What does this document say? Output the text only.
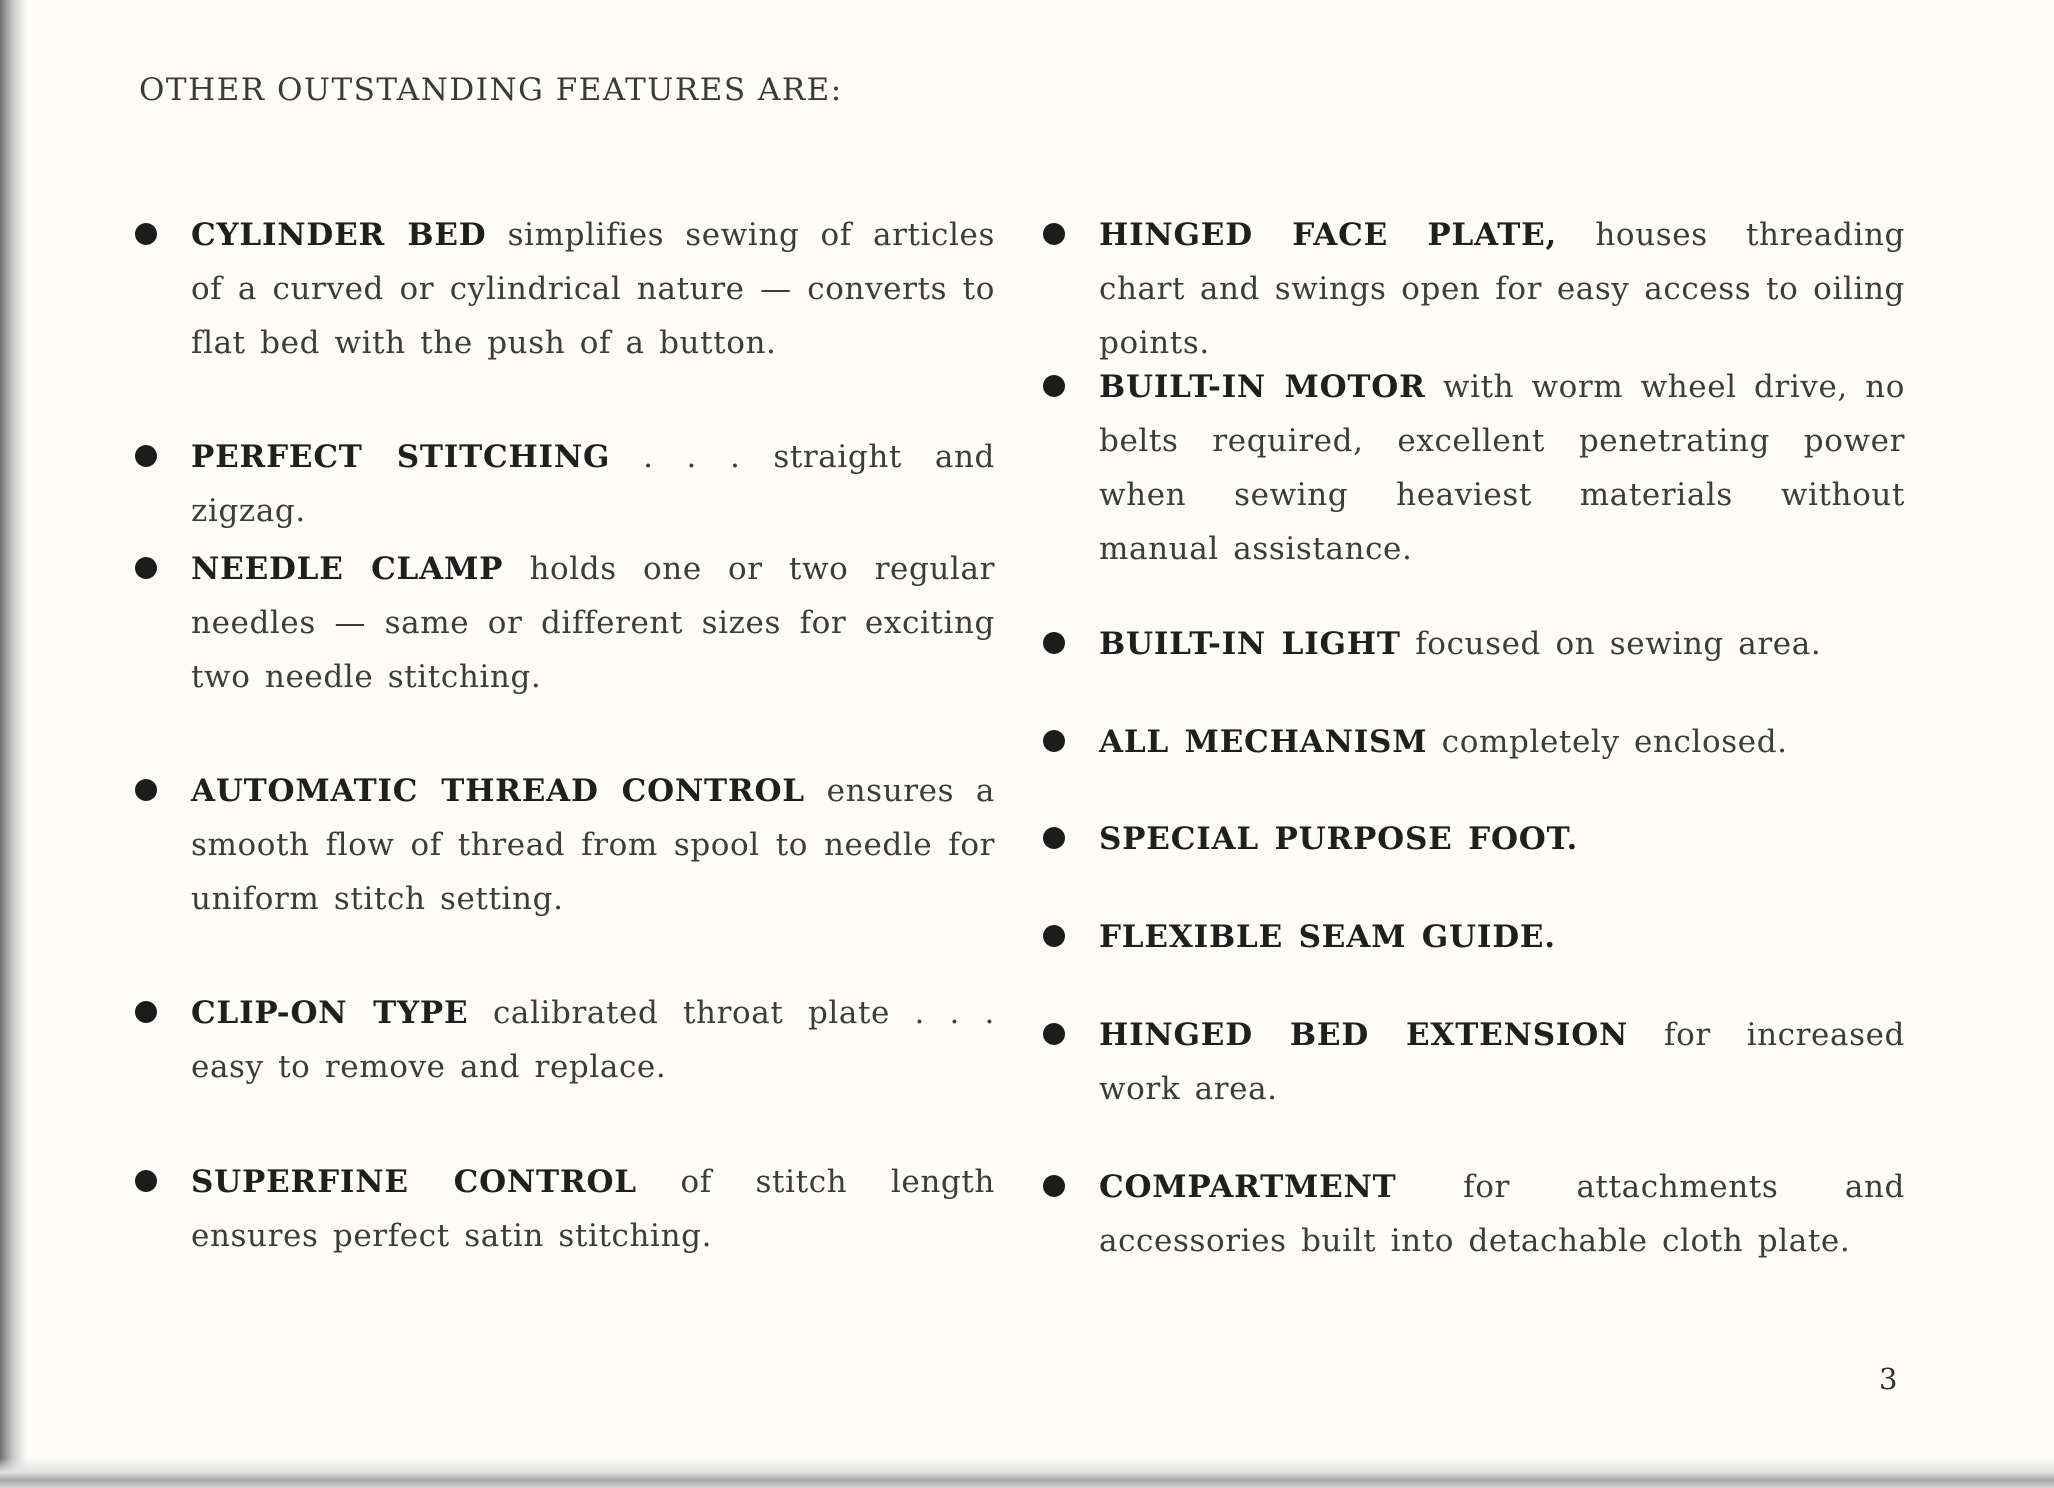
OTHER OUTSTANDING FEATURES ARE:
CYLINDER BED simplifies sewing of articles of a curved or cylindrical nature — converts to flat bed with the push of a button.
PERFECT STITCHING . . . straight and zigzag.
NEEDLE CLAMP holds one or two regular needles — same or different sizes for exciting two needle stitching.
AUTOMATIC THREAD CONTROL ensures a smooth flow of thread from spool to needle for uniform stitch setting.
CLIP-ON TYPE calibrated throat plate . . . easy to remove and replace.
SUPERFINE CONTROL of stitch length ensures perfect satin stitching.
HINGED FACE PLATE, houses threading chart and swings open for easy access to oiling points.
BUILT-IN MOTOR with worm wheel drive, no belts required, excellent penetrating power when sewing heaviest materials without manual assistance.
BUILT-IN LIGHT focused on sewing area.
ALL MECHANISM completely enclosed.
SPECIAL PURPOSE FOOT.
FLEXIBLE SEAM GUIDE.
HINGED BED EXTENSION for increased work area.
COMPARTMENT for attachments and accessories built into detachable cloth plate.
3
